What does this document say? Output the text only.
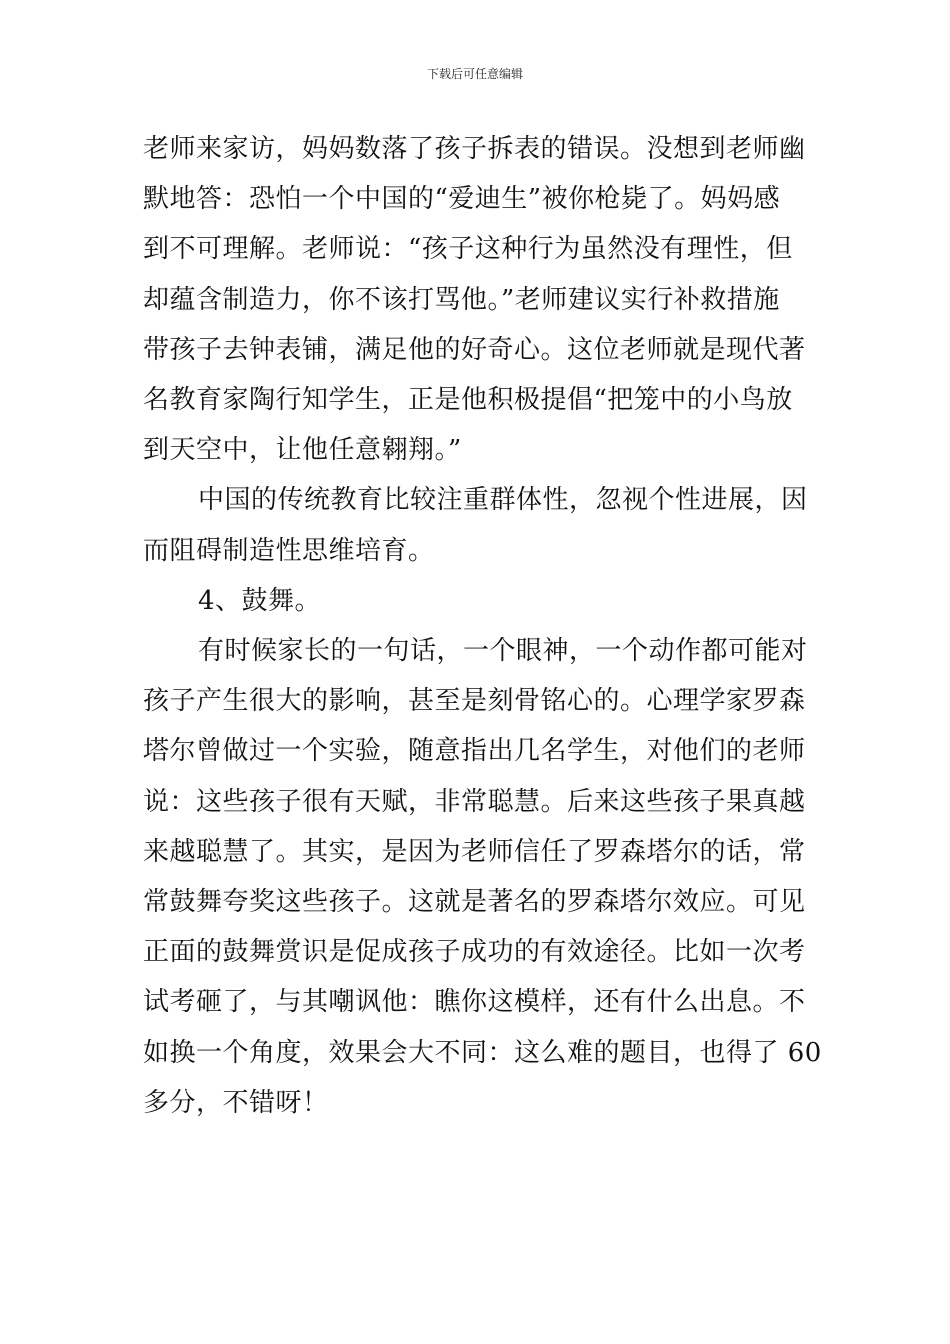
下载后可任意编辑

老师来家访，妈妈数落了孩子拆表的错误。没想到老师幽
默地答：恐怕一个中国的“爱迪生”被你枪毙了。妈妈感
到不可理解。老师说：“孩子这种行为虽然没有理性，但
却蕴含制造力，你不该打骂他。”老师建议实行补救措施
带孩子去钟表铺，满足他的好奇心。这位老师就是现代著
名教育家陶行知学生，正是他积极提倡“把笼中的小鸟放
到天空中，让他任意翱翔。”

中国的传统教育比较注重群体性，忽视个性进展，因
而阻碍制造性思维培育。

4、鼓舞。

有时候家长的一句话，一个眼神，一个动作都可能对
孩子产生很大的影响，甚至是刻骨铭心的。心理学家罗森
塔尔曾做过一个实验，随意指出几名学生，对他们的老师
说：这些孩子很有天赋，非常聪慧。后来这些孩子果真越
来越聪慧了。其实，是因为老师信任了罗森塔尔的话，常
常鼓舞夸奖这些孩子。这就是著名的罗森塔尔效应。可见
正面的鼓舞赏识是促成孩子成功的有效途径。比如一次考
试考砸了，与其嘲讽他：瞧你这模样，还有什么出息。不
如换一个角度，效果会大不同：这么难的题目，也得了 60
多分，不错呀！
